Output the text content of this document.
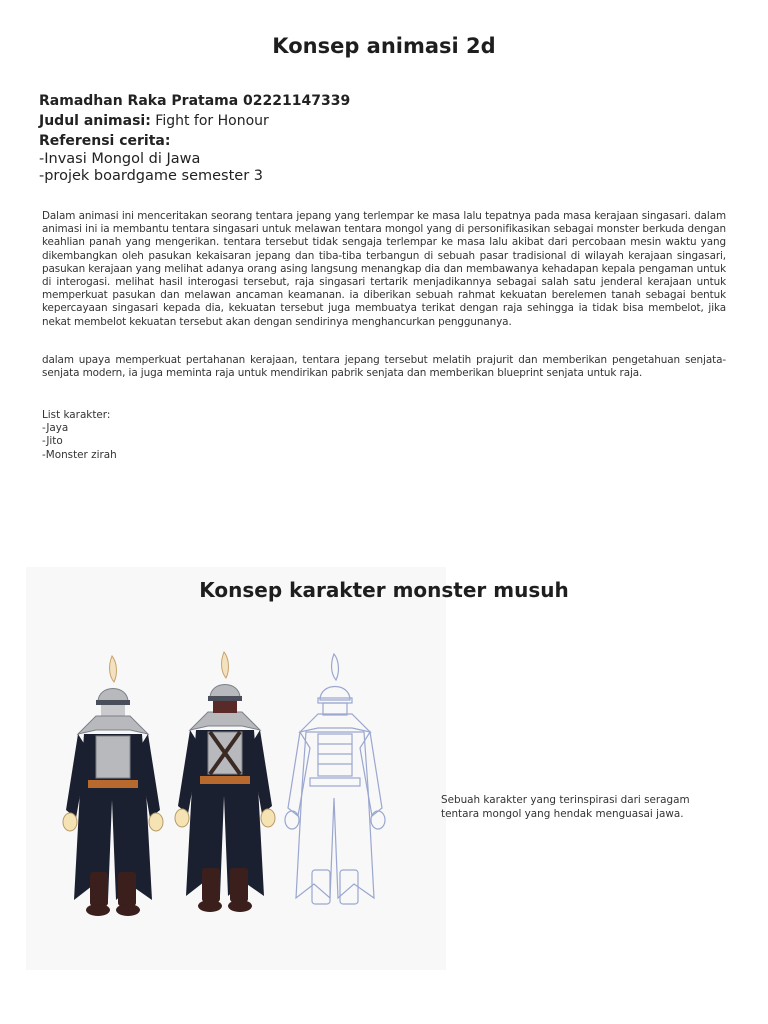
Konsep animasi 2d
Ramadhan Raka Pratama 02221147339
Judul animasi: Fight for Honour
Referensi cerita:
-Invasi Mongol di Jawa
-projek boardgame semester 3
Dalam animasi ini menceritakan seorang tentara jepang yang terlempar ke masa lalu tepatnya pada masa kerajaan singasari. dalam animasi ini ia membantu tentara singasari untuk melawan tentara mongol yang di personifikasikan sebagai monster berkuda dengan keahlian panah yang mengerikan. tentara tersebut tidak sengaja terlempar ke masa lalu akibat dari percobaan mesin waktu yang dikembangkan oleh pasukan kekaisaran jepang dan tiba-tiba terbangun di sebuah pasar tradisional di wilayah kerajaan singasari, pasukan kerajaan yang melihat adanya orang asing langsung menangkap dia dan membawanya kehadapan kepala pengaman untuk di interogasi. melihat hasil interogasi tersebut, raja singasari tertarik menjadikannya sebagai salah satu jenderal kerajaan untuk memperkuat pasukan dan melawan ancaman keamanan. ia diberikan sebuah rahmat kekuatan berelemen tanah sebagai bentuk kepercayaan singasari kepada dia, kekuatan tersebut juga membuatya terikat dengan raja sehingga ia tidak bisa membelot, jika nekat membelot kekuatan tersebut akan dengan sendirinya menghancurkan penggunanya.
dalam upaya memperkuat pertahanan kerajaan, tentara jepang tersebut melatih prajurit dan memberikan pengetahuan senjata-senjata modern, ia juga meminta raja untuk mendirikan pabrik senjata dan memberikan blueprint senjata untuk raja.
List karakter:
-Jaya
-Jito
-Monster zirah
Konsep karakter monster musuh
Sebuah karakter yang terinspirasi dari seragam tentara mongol yang hendak menguasai jawa.
